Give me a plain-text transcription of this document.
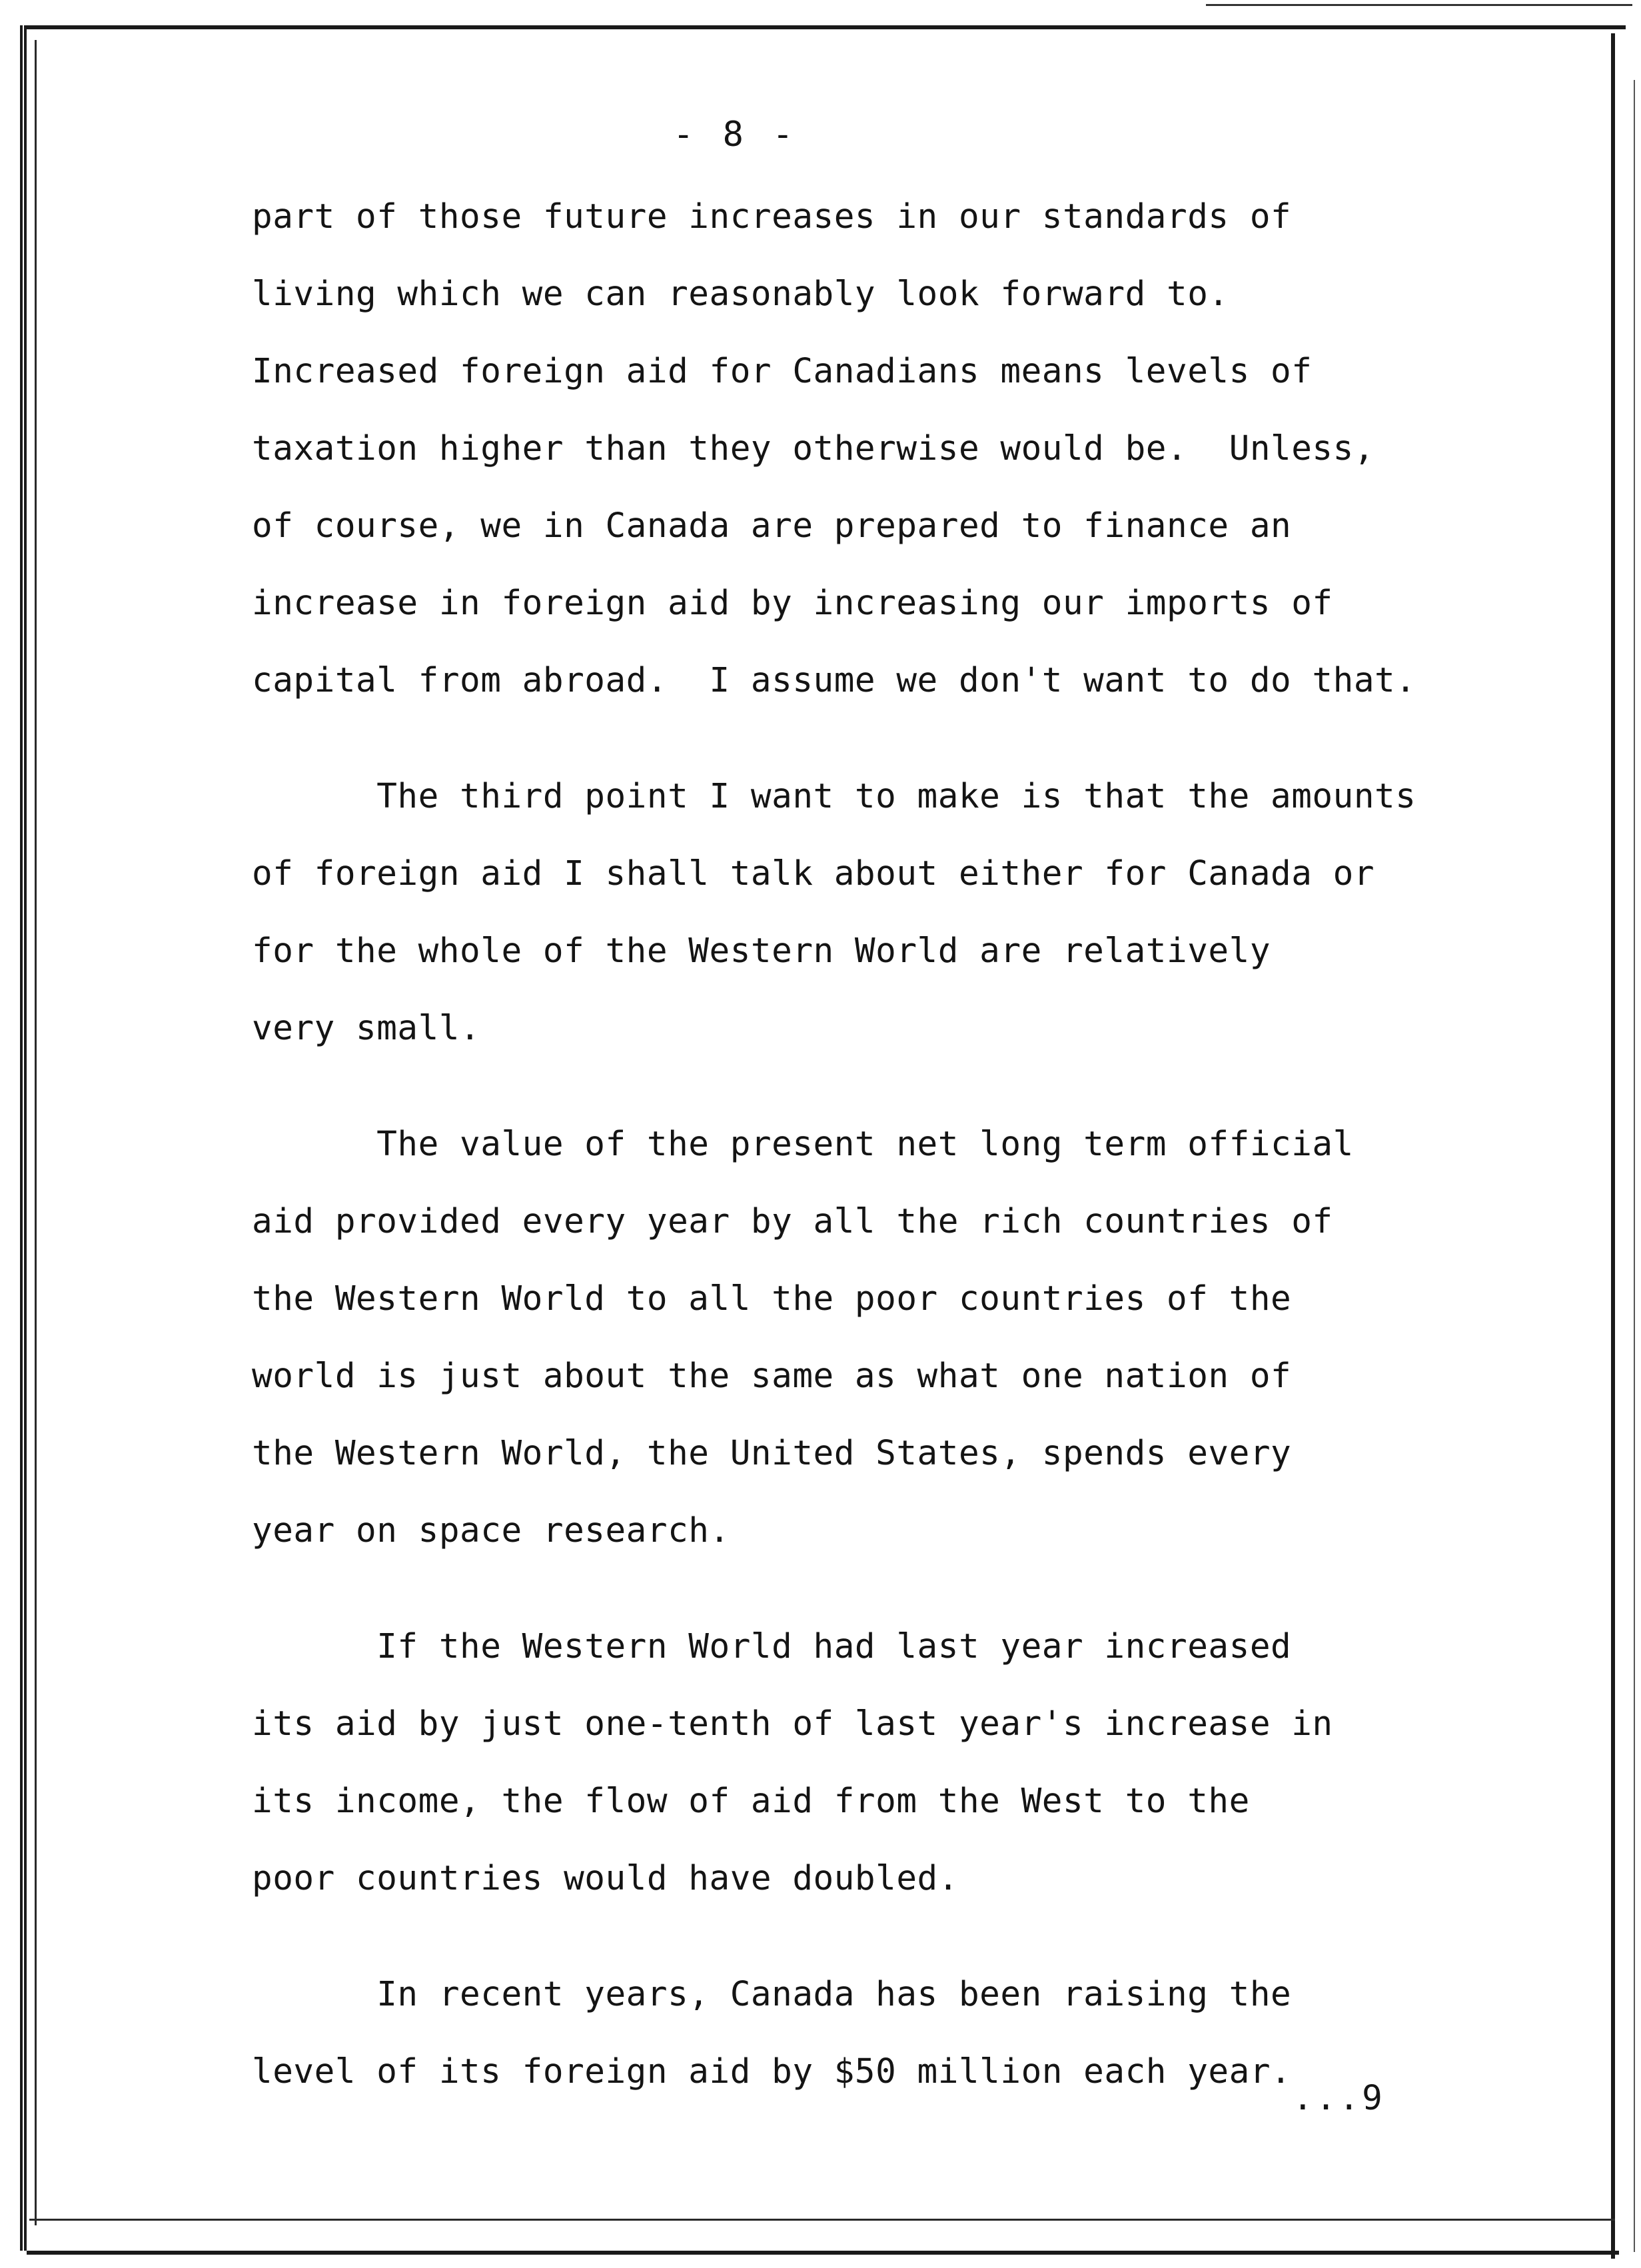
- 8 -
part of those future increases in our standards of
living which we can reasonably look forward to.
Increased foreign aid for Canadians means levels of
taxation higher than they otherwise would be.  Unless,
of course, we in Canada are prepared to finance an
increase in foreign aid by increasing our imports of
capital from abroad.  I assume we don't want to do that.
The third point I want to make is that the amounts
of foreign aid I shall talk about either for Canada or
for the whole of the Western World are relatively
very small.
The value of the present net long term official
aid provided every year by all the rich countries of
the Western World to all the poor countries of the
world is just about the same as what one nation of
the Western World, the United States, spends every
year on space research.
If the Western World had last year increased
its aid by just one-tenth of last year's increase in
its income, the flow of aid from the West to the
poor countries would have doubled.
In recent years, Canada has been raising the
level of its foreign aid by $50 million each year.
...9
